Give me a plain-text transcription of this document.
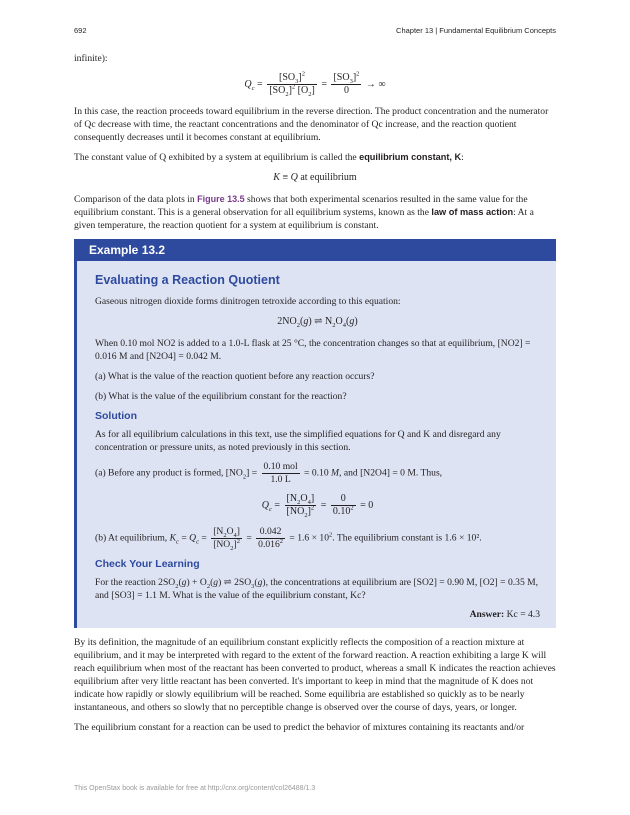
692	Chapter 13 | Fundamental Equilibrium Concepts

infinite):

$Q_c = \frac{[SO_3]^2}{[SO_2]^2 [O_2]} = \frac{[SO_3]^2}{0}$ → ∞

In this case, the reaction proceeds toward equilibrium in the reverse direction. The product concentration and the numerator of Qc decrease with time, the reactant concentrations and the denominator of Qc increase, and the reaction quotient consequently decreases until it becomes constant at equilibrium.

The constant value of Q exhibited by a system at equilibrium is called the equilibrium constant, K:

K ≡ Q at equilibrium

Comparison of the data plots in Figure 13.5 shows that both experimental scenarios resulted in the same value for the equilibrium constant. This is a general observation for all equilibrium systems, known as the law of mass action: At a given temperature, the reaction quotient for a system at equilibrium is constant.

Example 13.2
Evaluating a Reaction Quotient

Gaseous nitrogen dioxide forms dinitrogen tetroxide according to this equation:

$2NO_2(g)$ ⇌ $N_2O_4(g)$

When 0.10 mol NO2 is added to a 1.0-L flask at 25 °C, the concentration changes so that at equilibrium, [NO2] = 0.016 M and [N2O4] = 0.042 M.

(a) What is the value of the reaction quotient before any reaction occurs?

(b) What is the value of the equilibrium constant for the reaction?

Solution

As for all equilibrium calculations in this text, use the simplified equations for Q and K and disregard any concentration or pressure units, as noted previously in this section.

(a) Before any product is formed, $[NO_2] = \frac{\text{0.10 mol}}{1.0 L} = 0.10$ M, and [N2O4] = 0 M. Thus,

$Q_c = \frac{[N_2O_4]}{[NO_2]^2} = \frac{0}{0.10^2} = 0$

(b) At equilibrium, $K_c = Q_c = \frac{[N_2O_4]}{[NO_2]^2} = \frac{0.042}{0.016^2} = 1.6 \times 10^2$. The equilibrium constant is 1.6 × 10².

Check Your Learning

For the reaction $2SO_2(g) + O_2(g)$ ⇌ $2SO_3(g)$, the concentrations at equilibrium are [SO2] = 0.90 M, [O2] = 0.35 M, and [SO3] = 1.1 M. What is the value of the equilibrium constant, Kc?

Answer: Kc = 4.3

By its definition, the magnitude of an equilibrium constant explicitly reflects the composition of a reaction mixture at equilibrium, and it may be interpreted with regard to the extent of the forward reaction. A reaction exhibiting a large K will reach equilibrium when most of the reactant has been converted to product, whereas a small K indicates the reaction achieves equilibrium after very little reactant has been converted. It's important to keep in mind that the magnitude of K does not indicate how rapidly or slowly equilibrium will be reached. Some equilibria are established so quickly as to be nearly instantaneous, and others so slowly that no perceptible change is observed over the course of days, years, or longer.

The equilibrium constant for a reaction can be used to predict the behavior of mixtures containing its reactants and/or

This OpenStax book is available for free at http://cnx.org/content/col26488/1.3
